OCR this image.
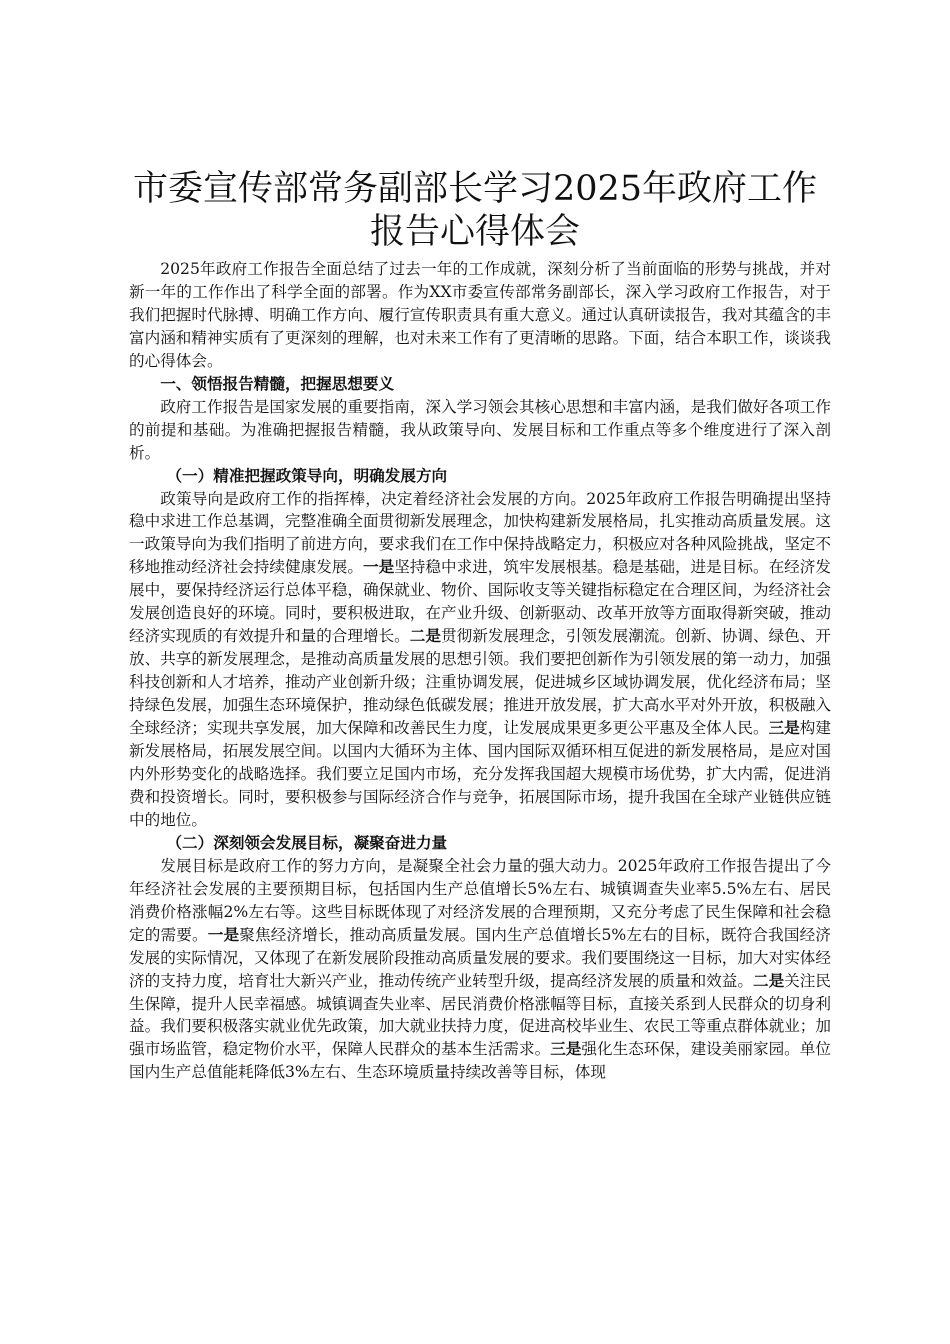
市委宣传部常务副部长学习2025年政府工作
报告心得体会

2025年政府工作报告全面总结了过去一年的工作成就，深刻分析了当前面临的形势与挑战，并对新一年的工作作出了科学全面的部署。作为XX市委宣传部常务副部长，深入学习政府工作报告，对于我们把握时代脉搏、明确工作方向、履行宣传职责具有重大意义。通过认真研读报告，我对其蕴含的丰富内涵和精神实质有了更深刻的理解，也对未来工作有了更清晰的思路。下面，结合本职工作，谈谈我的心得体会。

一、领悟报告精髓，把握思想要义

政府工作报告是国家发展的重要指南，深入学习领会其核心思想和丰富内涵，是我们做好各项工作的前提和基础。为准确把握报告精髓，我从政策导向、发展目标和工作重点等多个维度进行了深入剖析。

（一）精准把握政策导向，明确发展方向

政策导向是政府工作的指挥棒，决定着经济社会发展的方向。2025年政府工作报告明确提出坚持稳中求进工作总基调，完整准确全面贯彻新发展理念，加快构建新发展格局，扎实推动高质量发展。这一政策导向为我们指明了前进方向，要求我们在工作中保持战略定力，积极应对各种风险挑战，坚定不移地推动经济社会持续健康发展。一是坚持稳中求进，筑牢发展根基。稳是基础，进是目标。在经济发展中，要保持经济运行总体平稳，确保就业、物价、国际收支等关键指标稳定在合理区间，为经济社会发展创造良好的环境。同时，要积极进取，在产业升级、创新驱动、改革开放等方面取得新突破，推动经济实现质的有效提升和量的合理增长。二是贯彻新发展理念，引领发展潮流。创新、协调、绿色、开放、共享的新发展理念，是推动高质量发展的思想引领。我们要把创新作为引领发展的第一动力，加强科技创新和人才培养，推动产业创新升级；注重协调发展，促进城乡区域协调发展，优化经济布局；坚持绿色发展，加强生态环境保护，推动绿色低碳发展；推进开放发展，扩大高水平对外开放，积极融入全球经济；实现共享发展，加大保障和改善民生力度，让发展成果更多更公平惠及全体人民。三是构建新发展格局，拓展发展空间。以国内大循环为主体、国内国际双循环相互促进的新发展格局，是应对国内外形势变化的战略选择。我们要立足国内市场，充分发挥我国超大规模市场优势，扩大内需，促进消费和投资增长。同时，要积极参与国际经济合作与竞争，拓展国际市场，提升我国在全球产业链供应链中的地位。

（二）深刻领会发展目标，凝聚奋进力量

发展目标是政府工作的努力方向，是凝聚全社会力量的强大动力。2025年政府工作报告提出了今年经济社会发展的主要预期目标，包括国内生产总值增长5%左右、城镇调查失业率5.5%左右、居民消费价格涨幅2%左右等。这些目标既体现了对经济发展的合理预期，又充分考虑了民生保障和社会稳定的需要。一是聚焦经济增长，推动高质量发展。国内生产总值增长5%左右的目标，既符合我国经济发展的实际情况，又体现了在新发展阶段推动高质量发展的要求。我们要围绕这一目标，加大对实体经济的支持力度，培育壮大新兴产业，推动传统产业转型升级，提高经济发展的质量和效益。二是关注民生保障，提升人民幸福感。城镇调查失业率、居民消费价格涨幅等目标，直接关系到人民群众的切身利益。我们要积极落实就业优先政策，加大就业扶持力度，促进高校毕业生、农民工等重点群体就业；加强市场监管，稳定物价水平，保障人民群众的基本生活需求。三是强化生态环保，建设美丽家园。单位国内生产总值能耗降低3%左右、生态环境质量持续改善等目标，体现
